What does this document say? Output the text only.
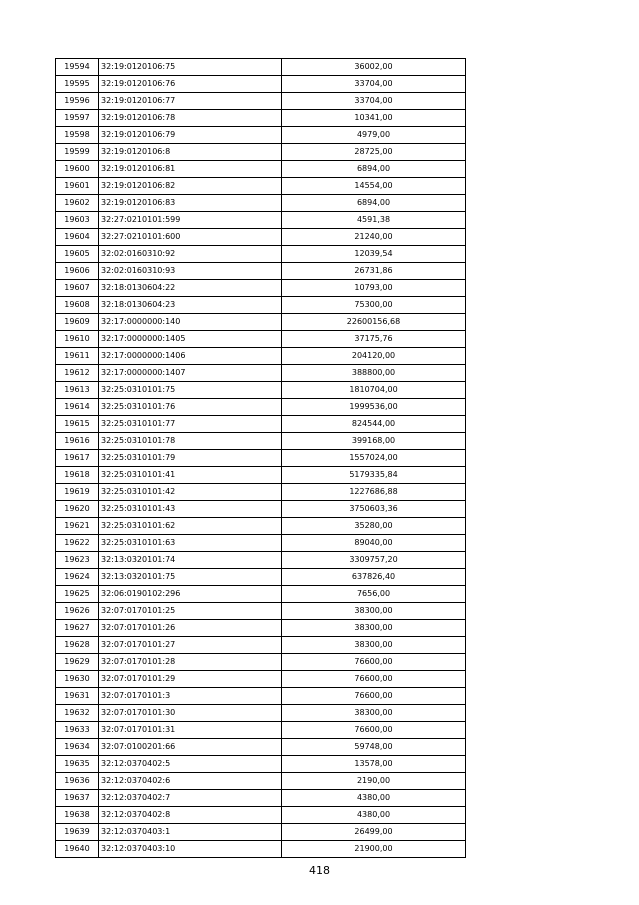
19594	32:19:0120106:75	36002,00
19595	32:19:0120106:76	33704,00
19596	32:19:0120106:77	33704,00
19597	32:19:0120106:78	10341,00
19598	32:19:0120106:79	4979,00
19599	32:19:0120106:8	28725,00
19600	32:19:0120106:81	6894,00
19601	32:19:0120106:82	14554,00
19602	32:19:0120106:83	6894,00
19603	32:27:0210101:599	4591,38
19604	32:27:0210101:600	21240,00
19605	32:02:0160310:92	12039,54
19606	32:02:0160310:93	26731,86
19607	32:18:0130604:22	10793,00
19608	32:18:0130604:23	75300,00
19609	32:17:0000000:140	22600156,68
19610	32:17:0000000:1405	37175,76
19611	32:17:0000000:1406	204120,00
19612	32:17:0000000:1407	388800,00
19613	32:25:0310101:75	1810704,00
19614	32:25:0310101:76	1999536,00
19615	32:25:0310101:77	824544,00
19616	32:25:0310101:78	399168,00
19617	32:25:0310101:79	1557024,00
19618	32:25:0310101:41	5179335,84
19619	32:25:0310101:42	1227686,88
19620	32:25:0310101:43	3750603,36
19621	32:25:0310101:62	35280,00
19622	32:25:0310101:63	89040,00
19623	32:13:0320101:74	3309757,20
19624	32:13:0320101:75	637826,40
19625	32:06:0190102:296	7656,00
19626	32:07:0170101:25	38300,00
19627	32:07:0170101:26	38300,00
19628	32:07:0170101:27	38300,00
19629	32:07:0170101:28	76600,00
19630	32:07:0170101:29	76600,00
19631	32:07:0170101:3	76600,00
19632	32:07:0170101:30	38300,00
19633	32:07:0170101:31	76600,00
19634	32:07:0100201:66	59748,00
19635	32:12:0370402:5	13578,00
19636	32:12:0370402:6	2190,00
19637	32:12:0370402:7	4380,00
19638	32:12:0370402:8	4380,00
19639	32:12:0370403:1	26499,00
19640	32:12:0370403:10	21900,00
418
